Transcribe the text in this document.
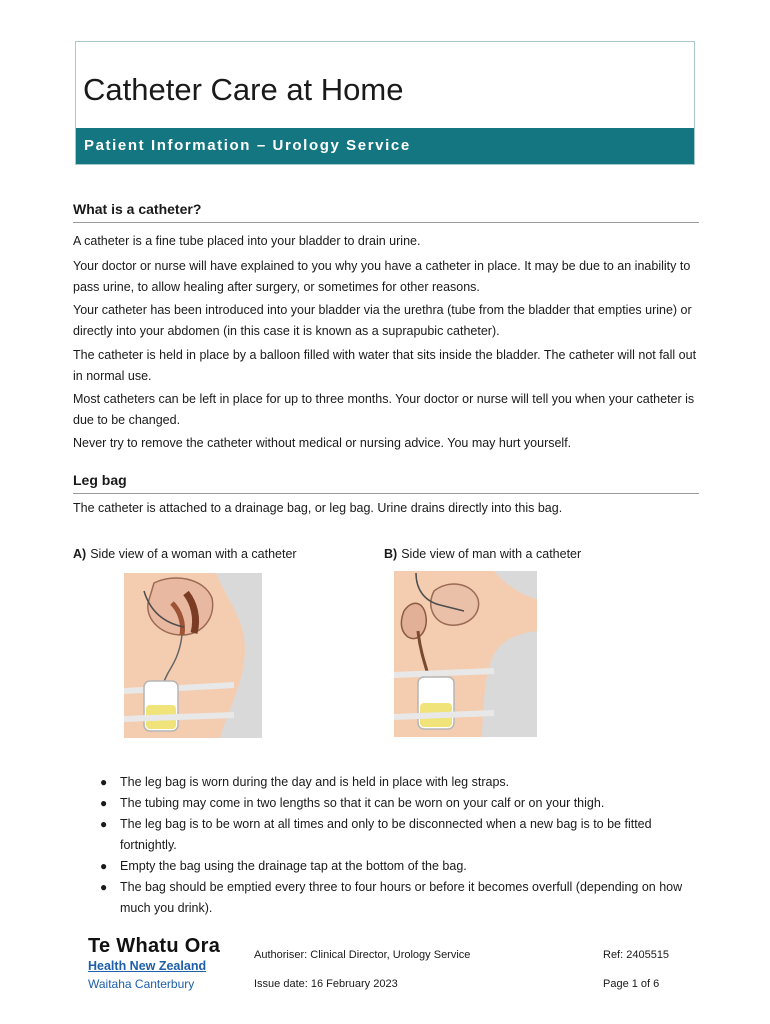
Catheter Care at Home
Patient Information – Urology Service
What is a catheter?

A catheter is a fine tube placed into your bladder to drain urine.

Your doctor or nurse will have explained to you why you have a catheter in place. It may be due to an inability to pass urine, to allow healing after surgery, or sometimes for other reasons.

Your catheter has been introduced into your bladder via the urethra (tube from the bladder that empties urine) or directly into your abdomen (in this case it is known as a suprapubic catheter).

The catheter is held in place by a balloon filled with water that sits inside the bladder. The catheter will not fall out in normal use.

Most catheters can be left in place for up to three months. Your doctor or nurse will tell you when your catheter is due to be changed.

Never try to remove the catheter without medical or nursing advice. You may hurt yourself.

Leg bag

The catheter is attached to a drainage bag, or leg bag. Urine drains directly into this bag.

A) Side view of a woman with a catheter	B) Side view of man with a catheter

● The leg bag is worn during the day and is held in place with leg straps.
● The tubing may come in two lengths so that it can be worn on your calf or on your thigh.
● The leg bag is to be worn at all times and only to be disconnected when a new bag is to be fitted fortnightly.
● Empty the bag using the drainage tap at the bottom of the bag.
● The bag should be emptied every three to four hours or before it becomes overfull (depending on how much you drink).
Te Whatu Ora
Health New Zealand
Waitaha Canterbury
Authoriser: Clinical Director, Urology Service
Issue date: 16 February 2023
Ref: 2405515
Page 1 of 6
